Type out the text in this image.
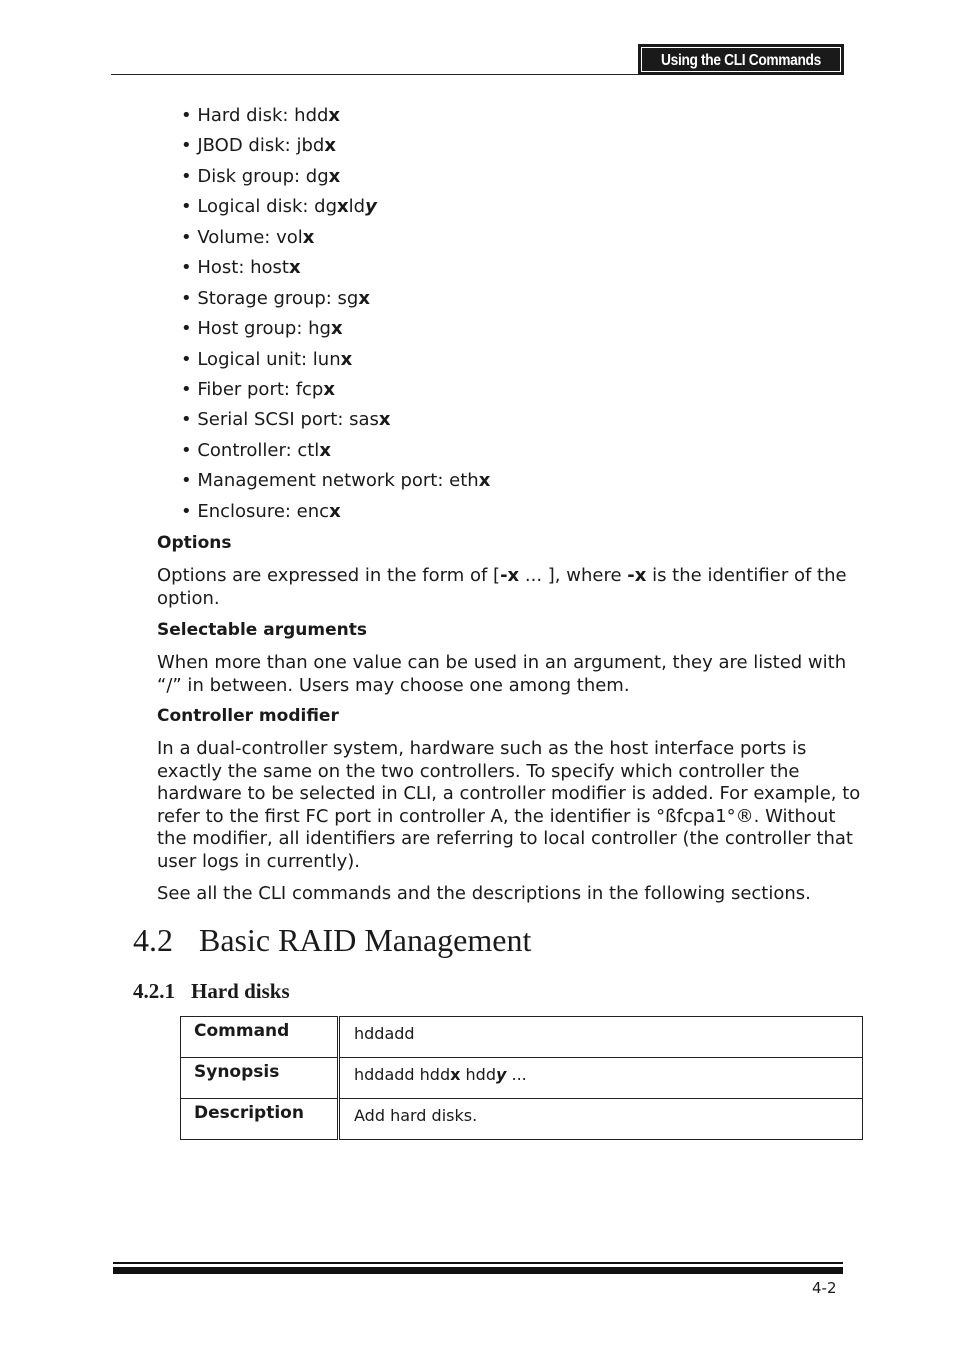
Using the CLI Commands
• Hard disk: hddx
• JBOD disk: jbdx
• Disk group: dgx
• Logical disk: dgxldy
• Volume: volx
• Host: hostx
• Storage group: sgx
• Host group: hgx
• Logical unit: lunx
• Fiber port: fcpx
• Serial SCSI port: sasx
• Controller: ctlx
• Management network port: ethx
• Enclosure: encx
Options

Options are expressed in the form of [-x ... ], where -x is the identifier of the option.

Selectable arguments

When more than one value can be used in an argument, they are listed with “/” in between. Users may choose one among them.

Controller modifier

In a dual-controller system, hardware such as the host interface ports is exactly the same on the two controllers. To specify which controller the hardware to be selected in CLI, a controller modifier is added. For example, to refer to the first FC port in controller A, the identifier is °ßfcpa1°®. Without the modifier, all identifiers are referring to local controller (the controller that user logs in currently).

See all the CLI commands and the descriptions in the following sections.

4.2 Basic RAID Management
4.2.1 Hard disks
Command	hddadd
Synopsis	hddadd hddx hddy ...
Description	Add hard disks.
4-2
